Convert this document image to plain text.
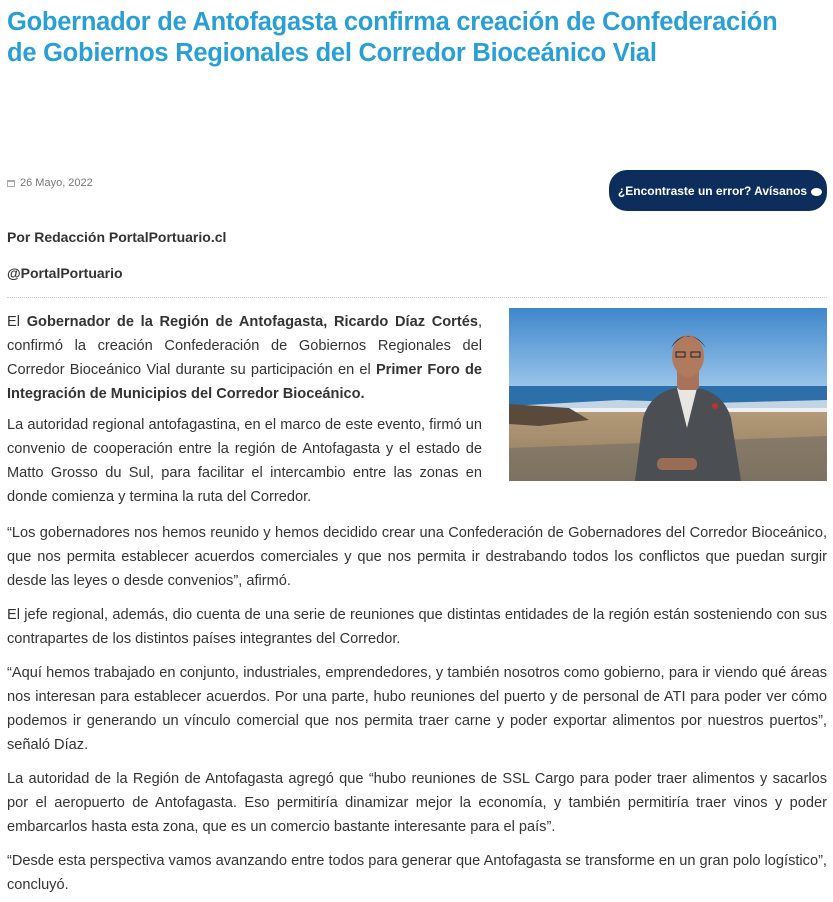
Gobernador de Antofagasta confirma creación de Confederación de Gobiernos Regionales del Corredor Bioceánico Vial
26 Mayo, 2022
¿Encontraste un error? Avísanos
Por Redacción PortalPortuario.cl
@PortalPortuario

El Gobernador de la Región de Antofagasta, Ricardo Díaz Cortés, confirmó la creación Confederación de Gobiernos Regionales del Corredor Bioceánico Vial durante su participación en el Primer Foro de Integración de Municipios del Corredor Bioceánico.

La autoridad regional antofagastina, en el marco de este evento, firmó un convenio de cooperación entre la región de Antofagasta y el estado de Matto Grosso du Sul, para facilitar el intercambio entre las zonas en donde comienza y termina la ruta del Corredor.

“Los gobernadores nos hemos reunido y hemos decidido crear una Confederación de Gobernadores del Corredor Bioceánico, que nos permita establecer acuerdos comerciales y que nos permita ir destrabando todos los conflictos que puedan surgir desde las leyes o desde convenios”, afirmó.

El jefe regional, además, dio cuenta de una serie de reuniones que distintas entidades de la región están sosteniendo con sus contrapartes de los distintos países integrantes del Corredor.

“Aquí hemos trabajado en conjunto, industriales, emprendedores, y también nosotros como gobierno, para ir viendo qué áreas nos interesan para establecer acuerdos. Por una parte, hubo reuniones del puerto y de personal de ATI para poder ver cómo podemos ir generando un vínculo comercial que nos permita traer carne y poder exportar alimentos por nuestros puertos”, señaló Díaz.

La autoridad de la Región de Antofagasta agregó que “hubo reuniones de SSL Cargo para poder traer alimentos y sacarlos por el aeropuerto de Antofagasta. Eso permitiría dinamizar mejor la economía, y también permitiría traer vinos y poder embarcarlos hasta esta zona, que es un comercio bastante interesante para el país”.

“Desde esta perspectiva vamos avanzando entre todos para generar que Antofagasta se transforme en un gran polo logístico”, concluyó.
